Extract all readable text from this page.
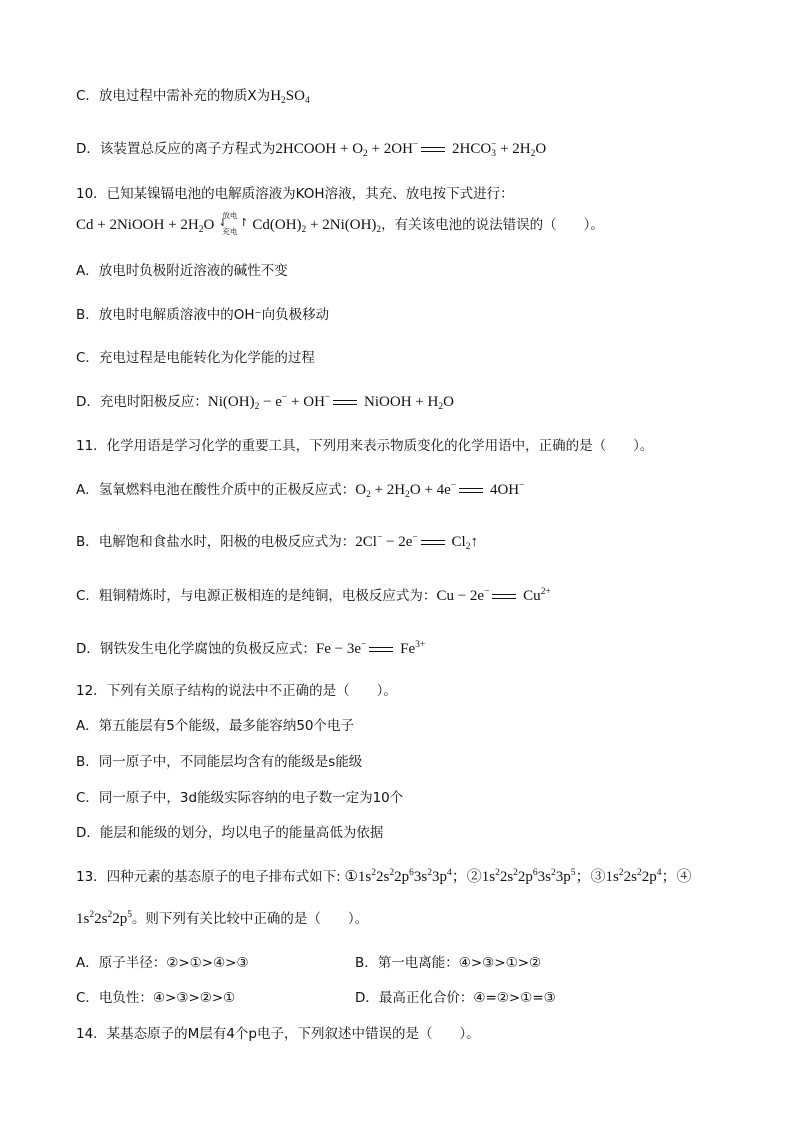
C．放电过程中需补充的物质X为$H_2SO_4$
D．该装置总反应的离子方程式为2HCOOH + $O_2 + 2OH^-$ $2HCO_3^- + 2H_2O$
10．已知某镍镉电池的电解质溶液为KOH溶液，其充、放电按下式进行：
Cd + 2NiOOH + $2H_2O$ ⇃
放电
充电
↾ $Cd(OH)_2 + 2Ni(OH)_2$，有关该电池的说法错误的（　　）。
A．放电时负极附近溶液的碱性不变
B．放电时电解质溶液中的OH⁻向负极移动
C．充电过程是电能转化为化学能的过程
D．充电时阳极反应：$Ni(OH)_2 - e^- + OH^-$ NiOOH + $H_2O$
11．化学用语是学习化学的重要工具，下列用来表示物质变化的化学用语中，正确的是（　　）。
A．氢氧燃料电池在酸性介质中的正极反应式：$O_2 + 2H_2O + 4e^-$ 4OH−
B．电解饱和食盐水时，阳极的电极反应式为：2Cl− − 2e− $Cl_2↑$
C．粗铜精炼时，与电源正极相连的是纯铜，电极反应式为：Cu − 2e− $Cu^{2+}$
D．钢铁发生电化学腐蚀的负极反应式：Fe − 3e− $Fe^{3+}$
12．下列有关原子结构的说法中不正确的是（　　）。
A．第五能层有5个能级，最多能容纳50个电子
B．同一原子中，不同能层均含有的能级是s能级
C．同一原子中，3d能级实际容纳的电子数一定为10个
D．能层和能级的划分，均以电子的能量高低为依据
13．四种元素的基态原子的电子排布式如下: $①1s^22s^22p^63s^23p^4$；$②1s^22s^22p^63s^23p^5$；$③1s^22s^22p^4$；④
$1s^22s^22p^5$。则下列有关比较中正确的是（　　）。
A．原子半径：②>①>④>③	B．第一电离能：④>③>①>②
C．电负性：④>③>②>①	D．最高正化合价：④=②>①=③
14．某基态原子的M层有4个p电子，下列叙述中错误的是（　　）。
